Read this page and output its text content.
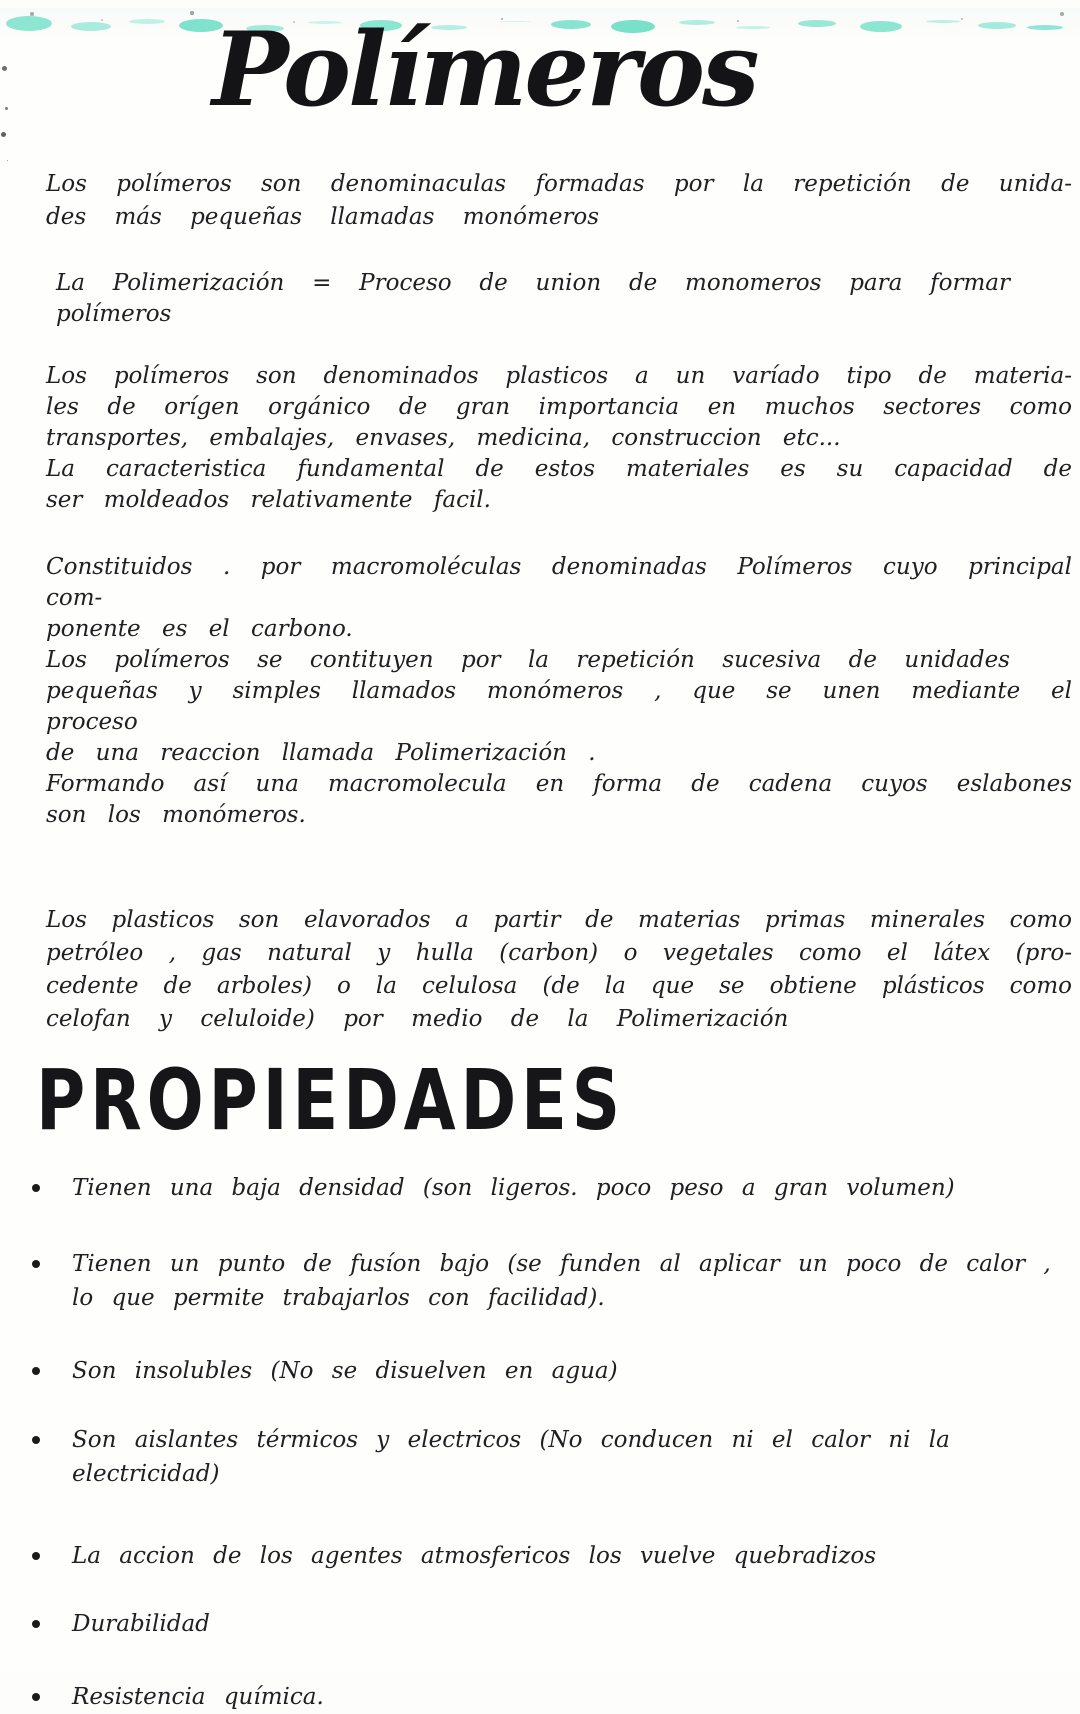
Polímeros
Los polímeros son denominaculas formadas por la repetición de unida-
des más pequeñas llamadas monómeros
La Polimerización = Proceso de union de monomeros para formar polímeros
Los polímeros son denominados plasticos a un varíado tipo de materia-
les de orígen orgánico de gran importancia en muchos sectores como
transportes, embalajes, envases, medicina, construccion etc...
La caracteristica fundamental de estos materiales es su capacidad de
ser moldeados relativamente facil.
Constituidos . por macromoléculas denominadas Polímeros cuyo principal com-
ponente es el carbono.
Los polímeros se contituyen por la repetición sucesiva de unidades
pequeñas y simples llamados monómeros , que se unen mediante el proceso
de una reaccion llamada Polimerización .
Formando así una macromolecula en forma de cadena cuyos eslabones
son los monómeros.
Los plasticos son elavorados a partir de materias primas minerales como
petróleo , gas natural y hulla (carbon) o vegetales como el látex (pro-
cedente de arboles) o la celulosa (de la que se obtiene plásticos como
celofan y celuloide) por medio de la Polimerización
PROPIEDADES
Tienen una baja densidad (son ligeros. poco peso a gran volumen)
Tienen un punto de fusíon bajo (se funden al aplicar un poco de calor , lo que permite trabajarlos con facilidad).
Son insolubles (No se disuelven en agua)
Son aislantes térmicos y electricos (No conducen ni el calor ni la electricidad)
La accion de los agentes atmosfericos los vuelve quebradizos
Durabilidad
Resistencia química.
